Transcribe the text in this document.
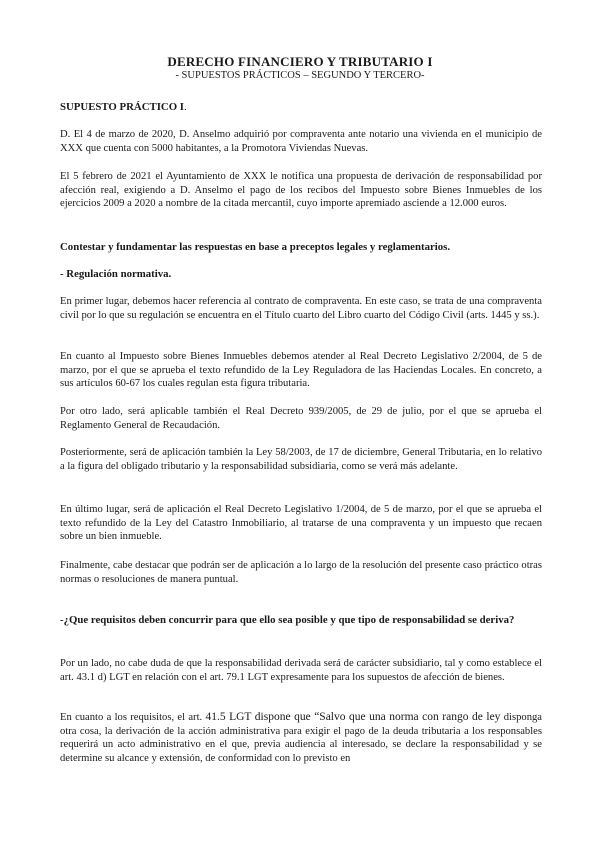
DERECHO FINANCIERO Y TRIBUTARIO I
- SUPUESTOS PRÁCTICOS – SEGUNDO Y TERCERO-
SUPUESTO PRÁCTICO I.

D. El 4 de marzo de 2020, D. Anselmo adquirió por compraventa ante notario una vivienda en el municipio de XXX que cuenta con 5000 habitantes, a la Promotora Viviendas Nuevas.

El 5 febrero de 2021 el Ayuntamiento de XXX le notifica una propuesta de derivación de responsabilidad por afección real, exigiendo a D. Anselmo el pago de los recibos del Impuesto sobre Bienes Inmuebles de los ejercicios 2009 a 2020 a nombre de la citada mercantil, cuyo importe apremiado asciende a 12.000 euros.

Contestar y fundamentar las respuestas en base a preceptos legales y reglamentarios.
- Regulación normativa.

En primer lugar, debemos hacer referencia al contrato de compraventa. En este caso, se trata de una compraventa civil por lo que su regulación se encuentra en el Título cuarto del Libro cuarto del Código Civil (arts. 1445 y ss.).

En cuanto al Impuesto sobre Bienes Inmuebles debemos atender al Real Decreto Legislativo 2/2004, de 5 de marzo, por el que se aprueba el texto refundido de la Ley Reguladora de las Haciendas Locales. En concreto, a sus artículos 60-67 los cuales regulan esta figura tributaria.

Por otro lado, será aplicable también el Real Decreto 939/2005, de 29 de julio, por el que se aprueba el Reglamento General de Recaudación.

Posteriormente, será de aplicación también la Ley 58/2003, de 17 de diciembre, General Tributaria, en lo relativo a la figura del obligado tributario y la responsabilidad subsidiaria, como se verá más adelante.

En último lugar, será de aplicación el Real Decreto Legislativo 1/2004, de 5 de marzo, por el que se aprueba el texto refundido de la Ley del Catastro Inmobiliario, al tratarse de una compraventa y un impuesto que recaen sobre un bien inmueble.

Finalmente, cabe destacar que podrán ser de aplicación a lo largo de la resolución del presente caso práctico otras normas o resoluciones de manera puntual.

-¿Que requisitos deben concurrir para que ello sea posible y que tipo de responsabilidad se deriva?

Por un lado, no cabe duda de que la responsabilidad derivada será de carácter subsidiario, tal y como establece el art. 43.1 d) LGT en relación con el art. 79.1 LGT expresamente para los supuestos de afección de bienes.

En cuanto a los requisitos, el art. 41.5 LGT dispone que “Salvo que una norma con rango de ley disponga otra cosa, la derivación de la acción administrativa para exigir el pago de la deuda tributaria a los responsables requerirá un acto administrativo en el que, previa audiencia al interesado, se declare la responsabilidad y se determine su alcance y extensión, de conformidad con lo previsto en
